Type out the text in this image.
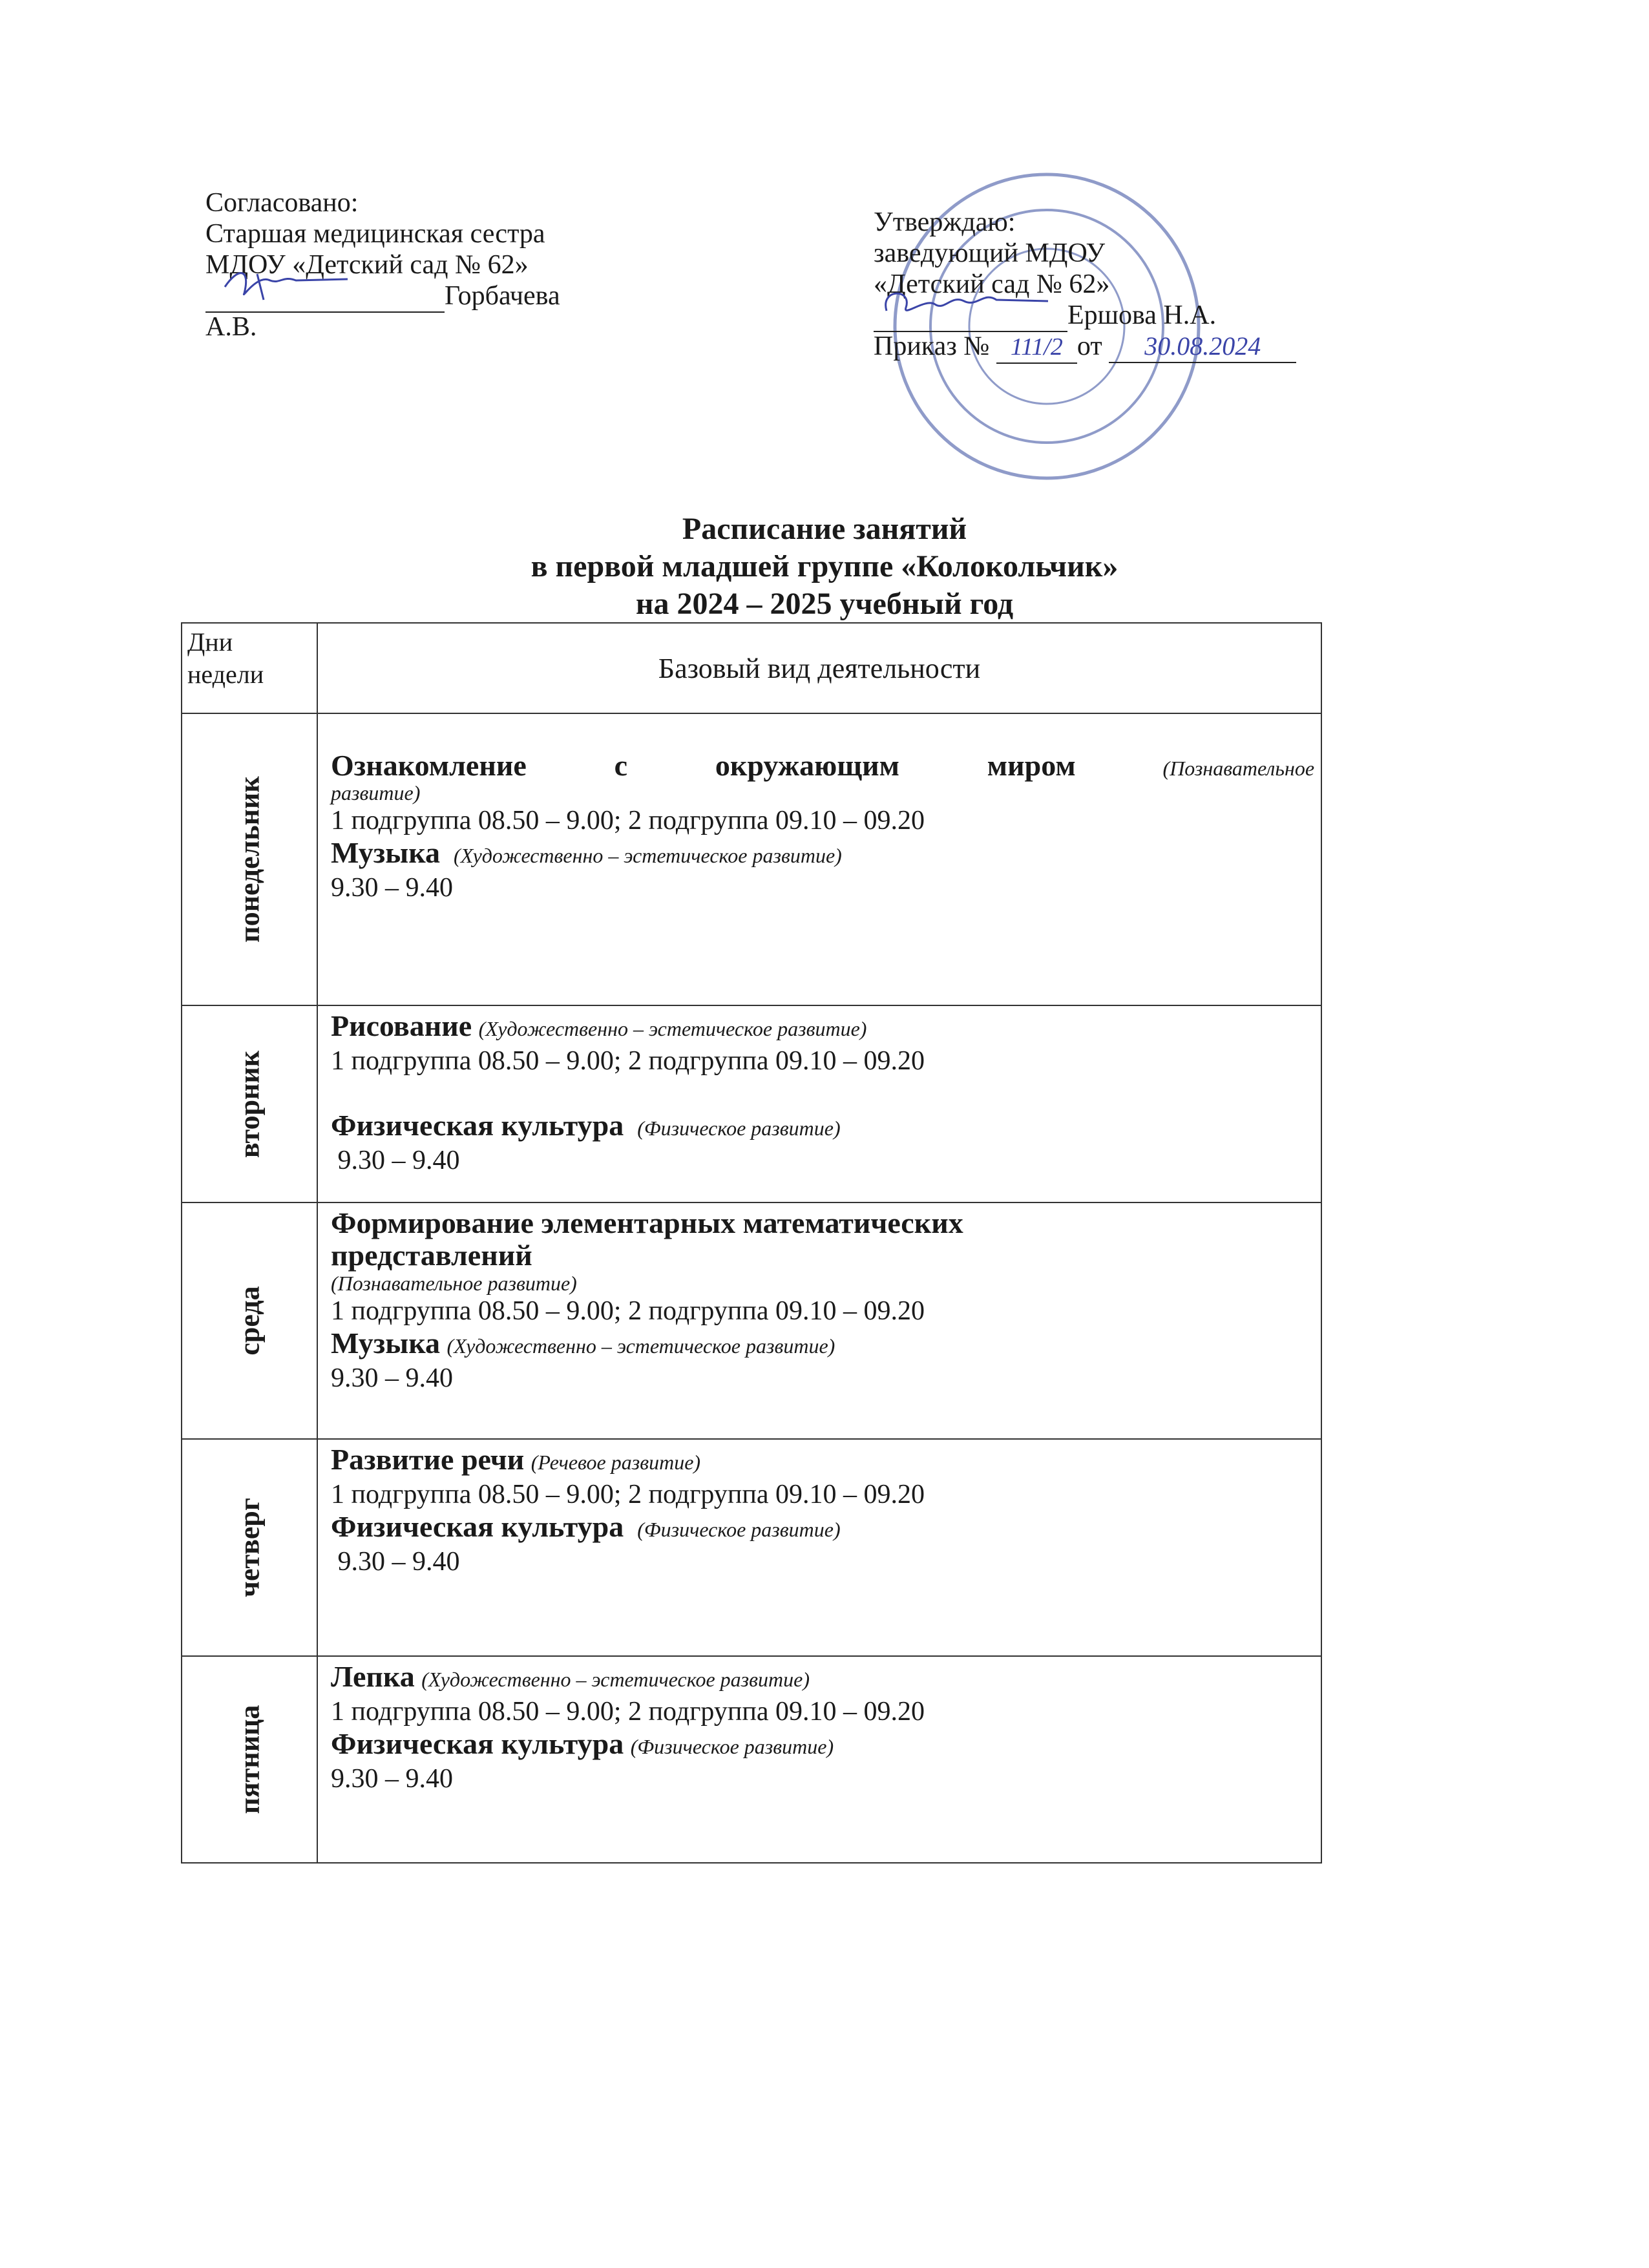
Согласовано:
Старшая медицинская сестра
МДОУ «Детский сад № 62»
Горбачева
А.В.
Утверждаю:
заведующий МДОУ
«Детский сад № 62»
Ершова Н.А.
Приказ № 111/2 от 30.08.2024
Расписание занятий
в первой младшей группе «Колокольчик»
на 2024 – 2025 учебный год
Дни недели	Базовый вид деятельности

понедельник	Ознакомление с окружающим миром (Познавательное
развитие)
1 подгруппа 08.50 – 9.00; 2 подгруппа 09.10 – 09.20
Музыка (Художественно – эстетическое развитие)
9.30 – 9.40

вторник	Рисование (Художественно – эстетическое развитие)
1 подгруппа 08.50 – 9.00; 2 подгруппа 09.10 – 09.20
Физическая культура (Физическое развитие)
9.30 – 9.40

среда	Формирование элементарных математических представлений
(Познавательное развитие)
1 подгруппа 08.50 – 9.00; 2 подгруппа 09.10 – 09.20
Музыка (Художественно – эстетическое развитие)
9.30 – 9.40

четверг	Развитие речи (Речевое развитие)
1 подгруппа 08.50 – 9.00; 2 подгруппа 09.10 – 09.20
Физическая культура (Физическое развитие)
9.30 – 9.40

пятница	Лепка (Художественно – эстетическое развитие)
1 подгруппа 08.50 – 9.00; 2 подгруппа 09.10 – 09.20
Физическая культура (Физическое развитие)
9.30 – 9.40
